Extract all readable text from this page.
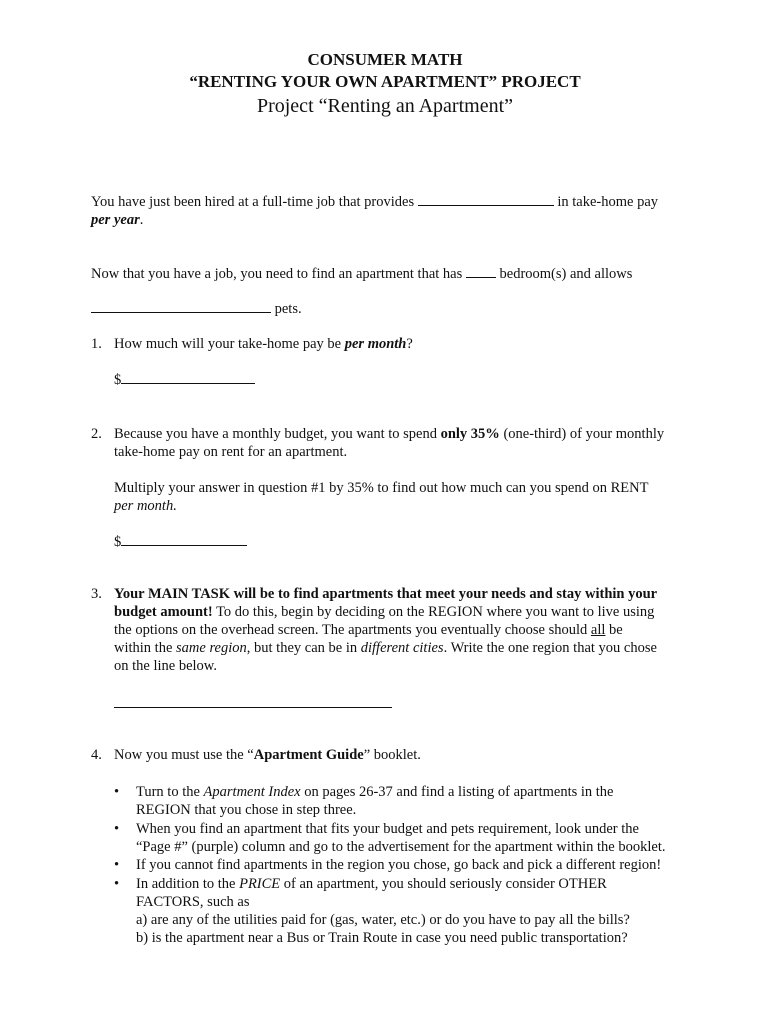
CONSUMER MATH
“RENTING YOUR OWN APARTMENT” PROJECT
Project “Renting an Apartment”
You have just been hired at a full-time job that provides	in take-home pay
per year.
Now that you have a job, you need to find an apartment that has  bedroom(s) and allows
pets.
1. How much will your take-home pay be per month?
$
2. Because you have a monthly budget, you want to spend only 35% (one-third) of your monthly
take-home pay on rent for an apartment.
Multiply your answer in question #1 by 35% to find out how much can you spend on RENT
per month.
$
3. Your MAIN TASK will be to find apartments that meet your needs and stay within your
budget amount! To do this, begin by deciding on the REGION where you want to live using
the options on the overhead screen. The apartments you eventually choose should all be
within the same region, but they can be in different cities. Write the one region that you chose
on the line below.
4. Now you must use the “Apartment Guide” booklet.
• Turn to the Apartment Index on pages 26-37 and find a listing of apartments in the
REGION that you chose in step three.
• When you find an apartment that fits your budget and pets requirement, look under the
“Page #” (purple) column and go to the advertisement for the apartment within the booklet.
• If you cannot find apartments in the region you chose, go back and pick a different region!
• In addition to the PRICE of an apartment, you should seriously consider OTHER
FACTORS, such as
a) are any of the utilities paid for (gas, water, etc.) or do you have to pay all the bills?
b) is the apartment near a Bus or Train Route in case you need public transportation?
